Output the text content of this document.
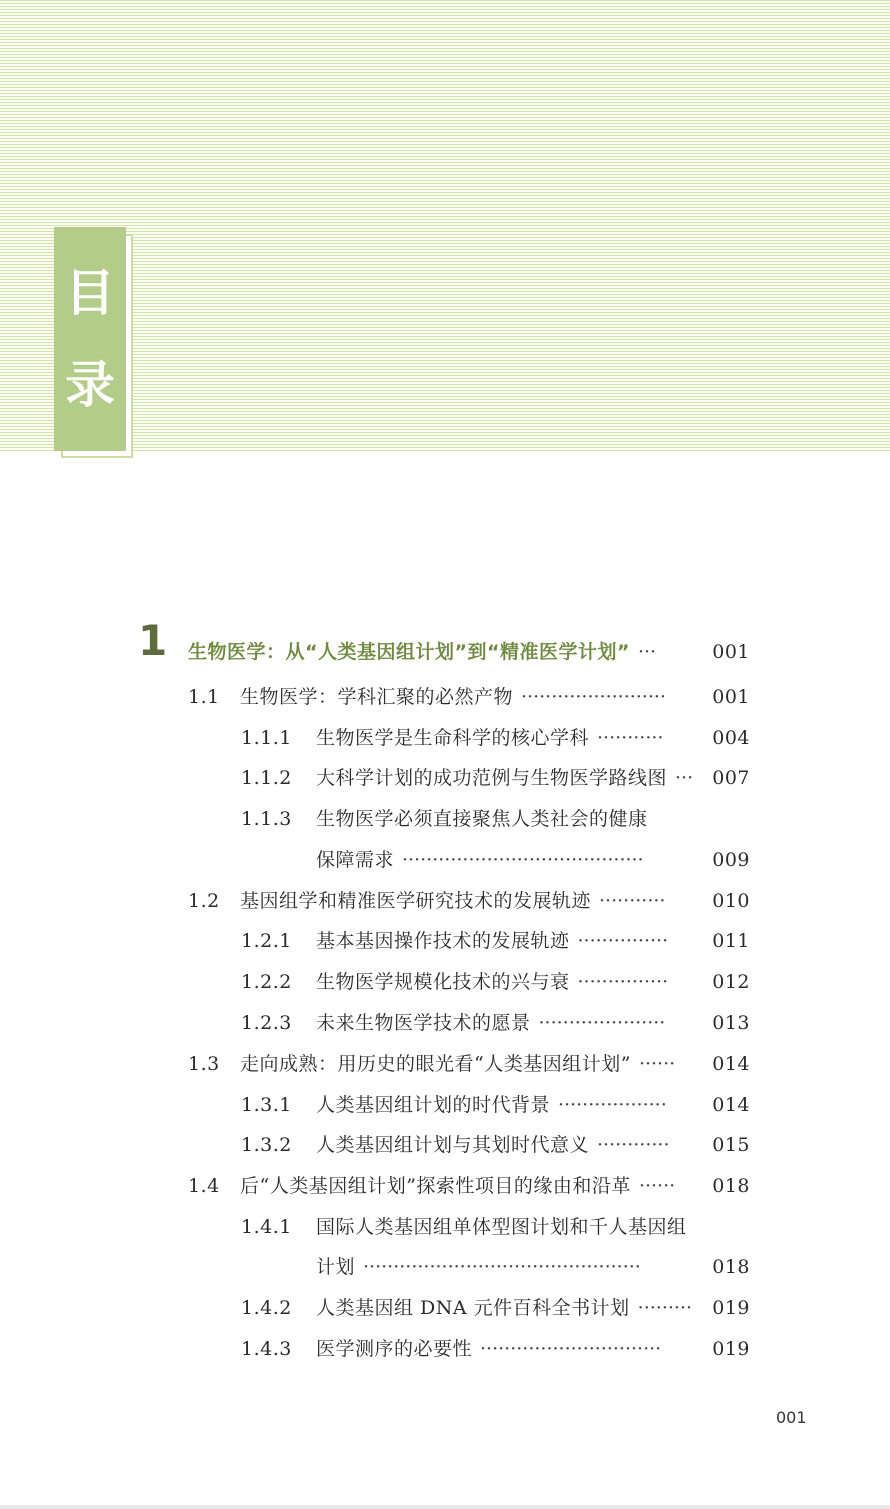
目
录
1 生物医学：从“人类基因组计划”到“精准医学计划” ···	001
1.1	生物医学：学科汇聚的必然产物 ························	001
1.1.1	生物医学是生命科学的核心学科 ···········	004
1.1.2	大科学计划的成功范例与生物医学路线图 ···	007
1.1.3	生物医学必须直接聚焦人类社会的健康
保障需求 ········································	009
1.2	基因组学和精准医学研究技术的发展轨迹 ···········	010
1.2.1	基本基因操作技术的发展轨迹 ···············	011
1.2.2	生物医学规模化技术的兴与衰 ···············	012
1.2.3	未来生物医学技术的愿景 ·····················	013
1.3	走向成熟：用历史的眼光看“人类基因组计划” ······	014
1.3.1	人类基因组计划的时代背景 ··················	014
1.3.2	人类基因组计划与其划时代意义 ············	015
1.4	后“人类基因组计划”探索性项目的缘由和沿革 ······	018
1.4.1	国际人类基因组单体型图计划和千人基因组
计划 ··············································	018
1.4.2	人类基因组 DNA 元件百科全书计划 ·········	019
1.4.3	医学测序的必要性 ······························	019
001
